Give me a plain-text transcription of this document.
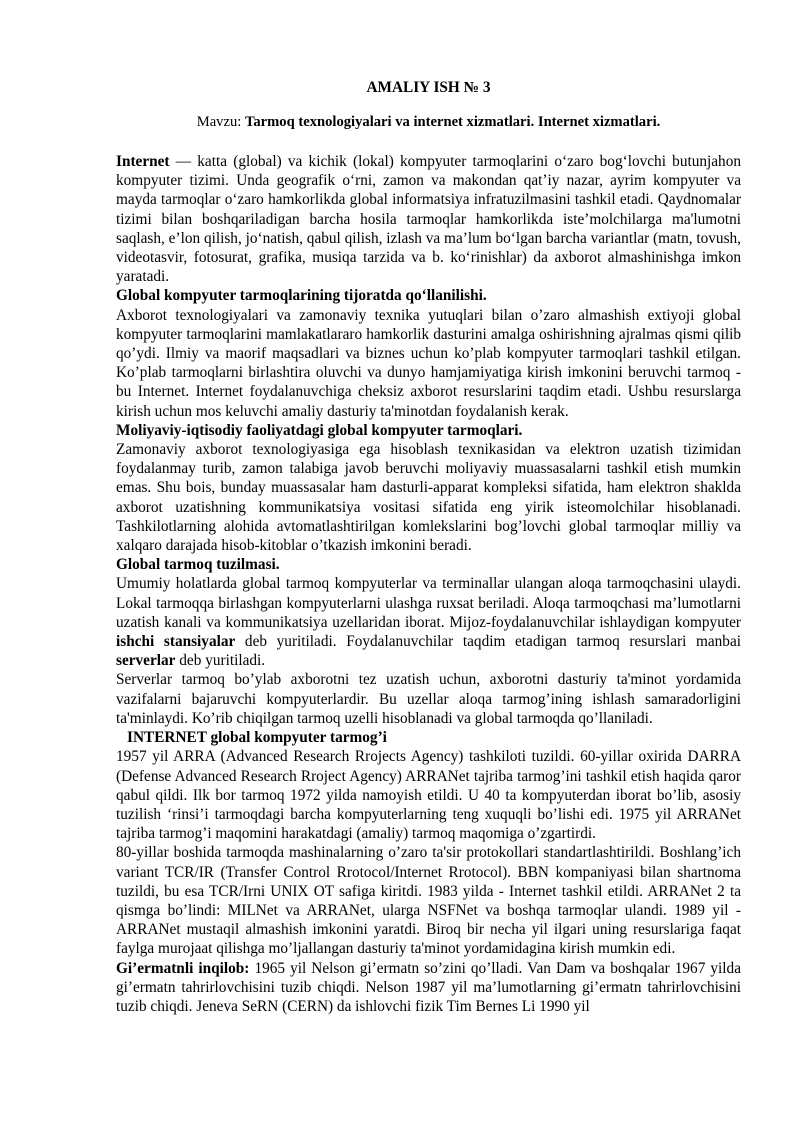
AMALIY ISH № 3
Mavzu: Tarmoq texnologiyalari va internet xizmatlari. Internet xizmatlari.

Internet — katta (global) va kichik (lokal) kompyuter tarmoqlarini o‘zaro bog‘lovchi butunjahon kompyuter tizimi. Unda geografik o‘rni, zamon va makondan qat’iy nazar, ayrim kompyuter va mayda tarmoqlar o‘zaro hamkorlikda global informatsiya infratuzilmasini tashkil etadi. Qaydnomalar tizimi bilan boshqariladigan barcha hosila tarmoqlar hamkorlikda iste’molchilarga ma'lumotni saqlash, e’lon qilish, jo‘natish, qabul qilish, izlash va ma’lum bo‘lgan barcha variantlar (matn, tovush, videotasvir, fotosurat, grafika, musiqa tarzida va b. ko‘rinishlar) da axborot almashinishga imkon yaratadi.

Global kompyuter tarmoqlarining tijoratda qo‘llanilishi.

Axborot texnologiyalari va zamonaviy texnika yutuqlari bilan o’zaro almashish extiyoji global kompyuter tarmoqlarini mamlakatlararo hamkorlik dasturini amalga oshirishning ajralmas qismi qilib qo’ydi. Ilmiy va maorif maqsadlari va biznes uchun ko’plab kompyuter tarmoqlari tashkil etilgan. Ko’plab tarmoqlarni birlashtira oluvchi va dunyo hamjamiyatiga kirish imkonini beruvchi tarmoq - bu Internet. Internet foydalanuvchiga cheksiz axborot resurslarini taqdim etadi. Ushbu resurslarga kirish uchun mos keluvchi amaliy dasturiy ta'minotdan foydalanish kerak.

Moliyaviy-iqtisodiy faoliyatdagi global kompyuter tarmoqlari.

Zamonaviy axborot texnologiyasiga ega hisoblash texnikasidan va elektron uzatish tizimidan foydalanmay turib, zamon talabiga javob beruvchi moliyaviy muassasalarni tashkil etish mumkin emas. Shu bois, bunday muassasalar ham dasturli-apparat kompleksi sifatida, ham elektron shaklda axborot uzatishning kommunikatsiya vositasi sifatida eng yirik isteomolchilar hisoblanadi. Tashkilotlarning alohida avtomatlashtirilgan komlekslarini bog’lovchi global tarmoqlar milliy va xalqaro darajada hisob-kitoblar o’tkazish imkonini beradi.

Global tarmoq tuzilmasi.

Umumiy holatlarda global tarmoq kompyuterlar va terminallar ulangan aloqa tarmoqchasini ulaydi. Lokal tarmoqqa birlashgan kompyuterlarni ulashga ruxsat beriladi. Aloqa tarmoqchasi ma’lumotlarni uzatish kanali va kommunikatsiya uzellaridan iborat. Mijoz-foydalanuvchilar ishlaydigan kompyuter ishchi stansiyalar deb yuritiladi. Foydalanuvchilar taqdim etadigan tarmoq resurslari manbai serverlar deb yuritiladi.

Serverlar tarmoq bo’ylab axborotni tez uzatish uchun, axborotni dasturiy ta'minot yordamida vazifalarni bajaruvchi kompyuterlardir. Bu uzellar aloqa tarmog’ining ishlash samaradorligini ta'minlaydi. Ko’rib chiqilgan tarmoq uzelli hisoblanadi va global tarmoqda qo’llaniladi.

INTERNET global kompyuter tarmog’i

1957 yil ARRA (Advanced Research Rrojects Agency) tashkiloti tuzildi. 60-yillar oxirida DARRA (Defense Advanced Research Rroject Agency) ARRANet tajriba tarmog’ini tashkil etish haqida qaror qabul qildi. Ilk bor tarmoq 1972 yilda namoyish etildi. U 40 ta kompyuterdan iborat bo’lib, asosiy tuzilish ‘rinsi’i tarmoqdagi barcha kompyuterlarning teng xuquqli bo’lishi edi. 1975 yil ARRANet tajriba tarmog’i maqomini harakatdagi (amaliy) tarmoq maqomiga o’zgartirdi.

80-yillar boshida tarmoqda mashinalarning o’zaro ta'sir protokollari standartlashtirildi. Boshlang’ich variant TCR/IR (Transfer Control Rrotocol/Internet Rrotocol). BBN kompaniyasi bilan shartnoma tuzildi, bu esa TCR/Irni UNIX OT safiga kiritdi. 1983 yilda - Internet tashkil etildi. ARRANet 2 ta qismga bo’lindi: MILNet va ARRANet, ularga NSFNet va boshqa tarmoqlar ulandi. 1989 yil - ARRANet mustaqil almashish imkonini yaratdi. Biroq bir necha yil ilgari uning resurslariga faqat faylga murojaat qilishga mo’ljallangan dasturiy ta'minot yordamidagina kirish mumkin edi.

Gi’ermatnli inqilob: 1965 yil Nelson gi’ermatn so’zini qo’lladi. Van Dam va boshqalar 1967 yilda gi’ermatn tahrirlovchisini tuzib chiqdi. Nelson 1987 yil ma’lumotlarning gi’ermatn tahrirlovchisini tuzib chiqdi. Jeneva SeRN (CERN) da ishlovchi fizik Tim Bernes Li 1990 yil
